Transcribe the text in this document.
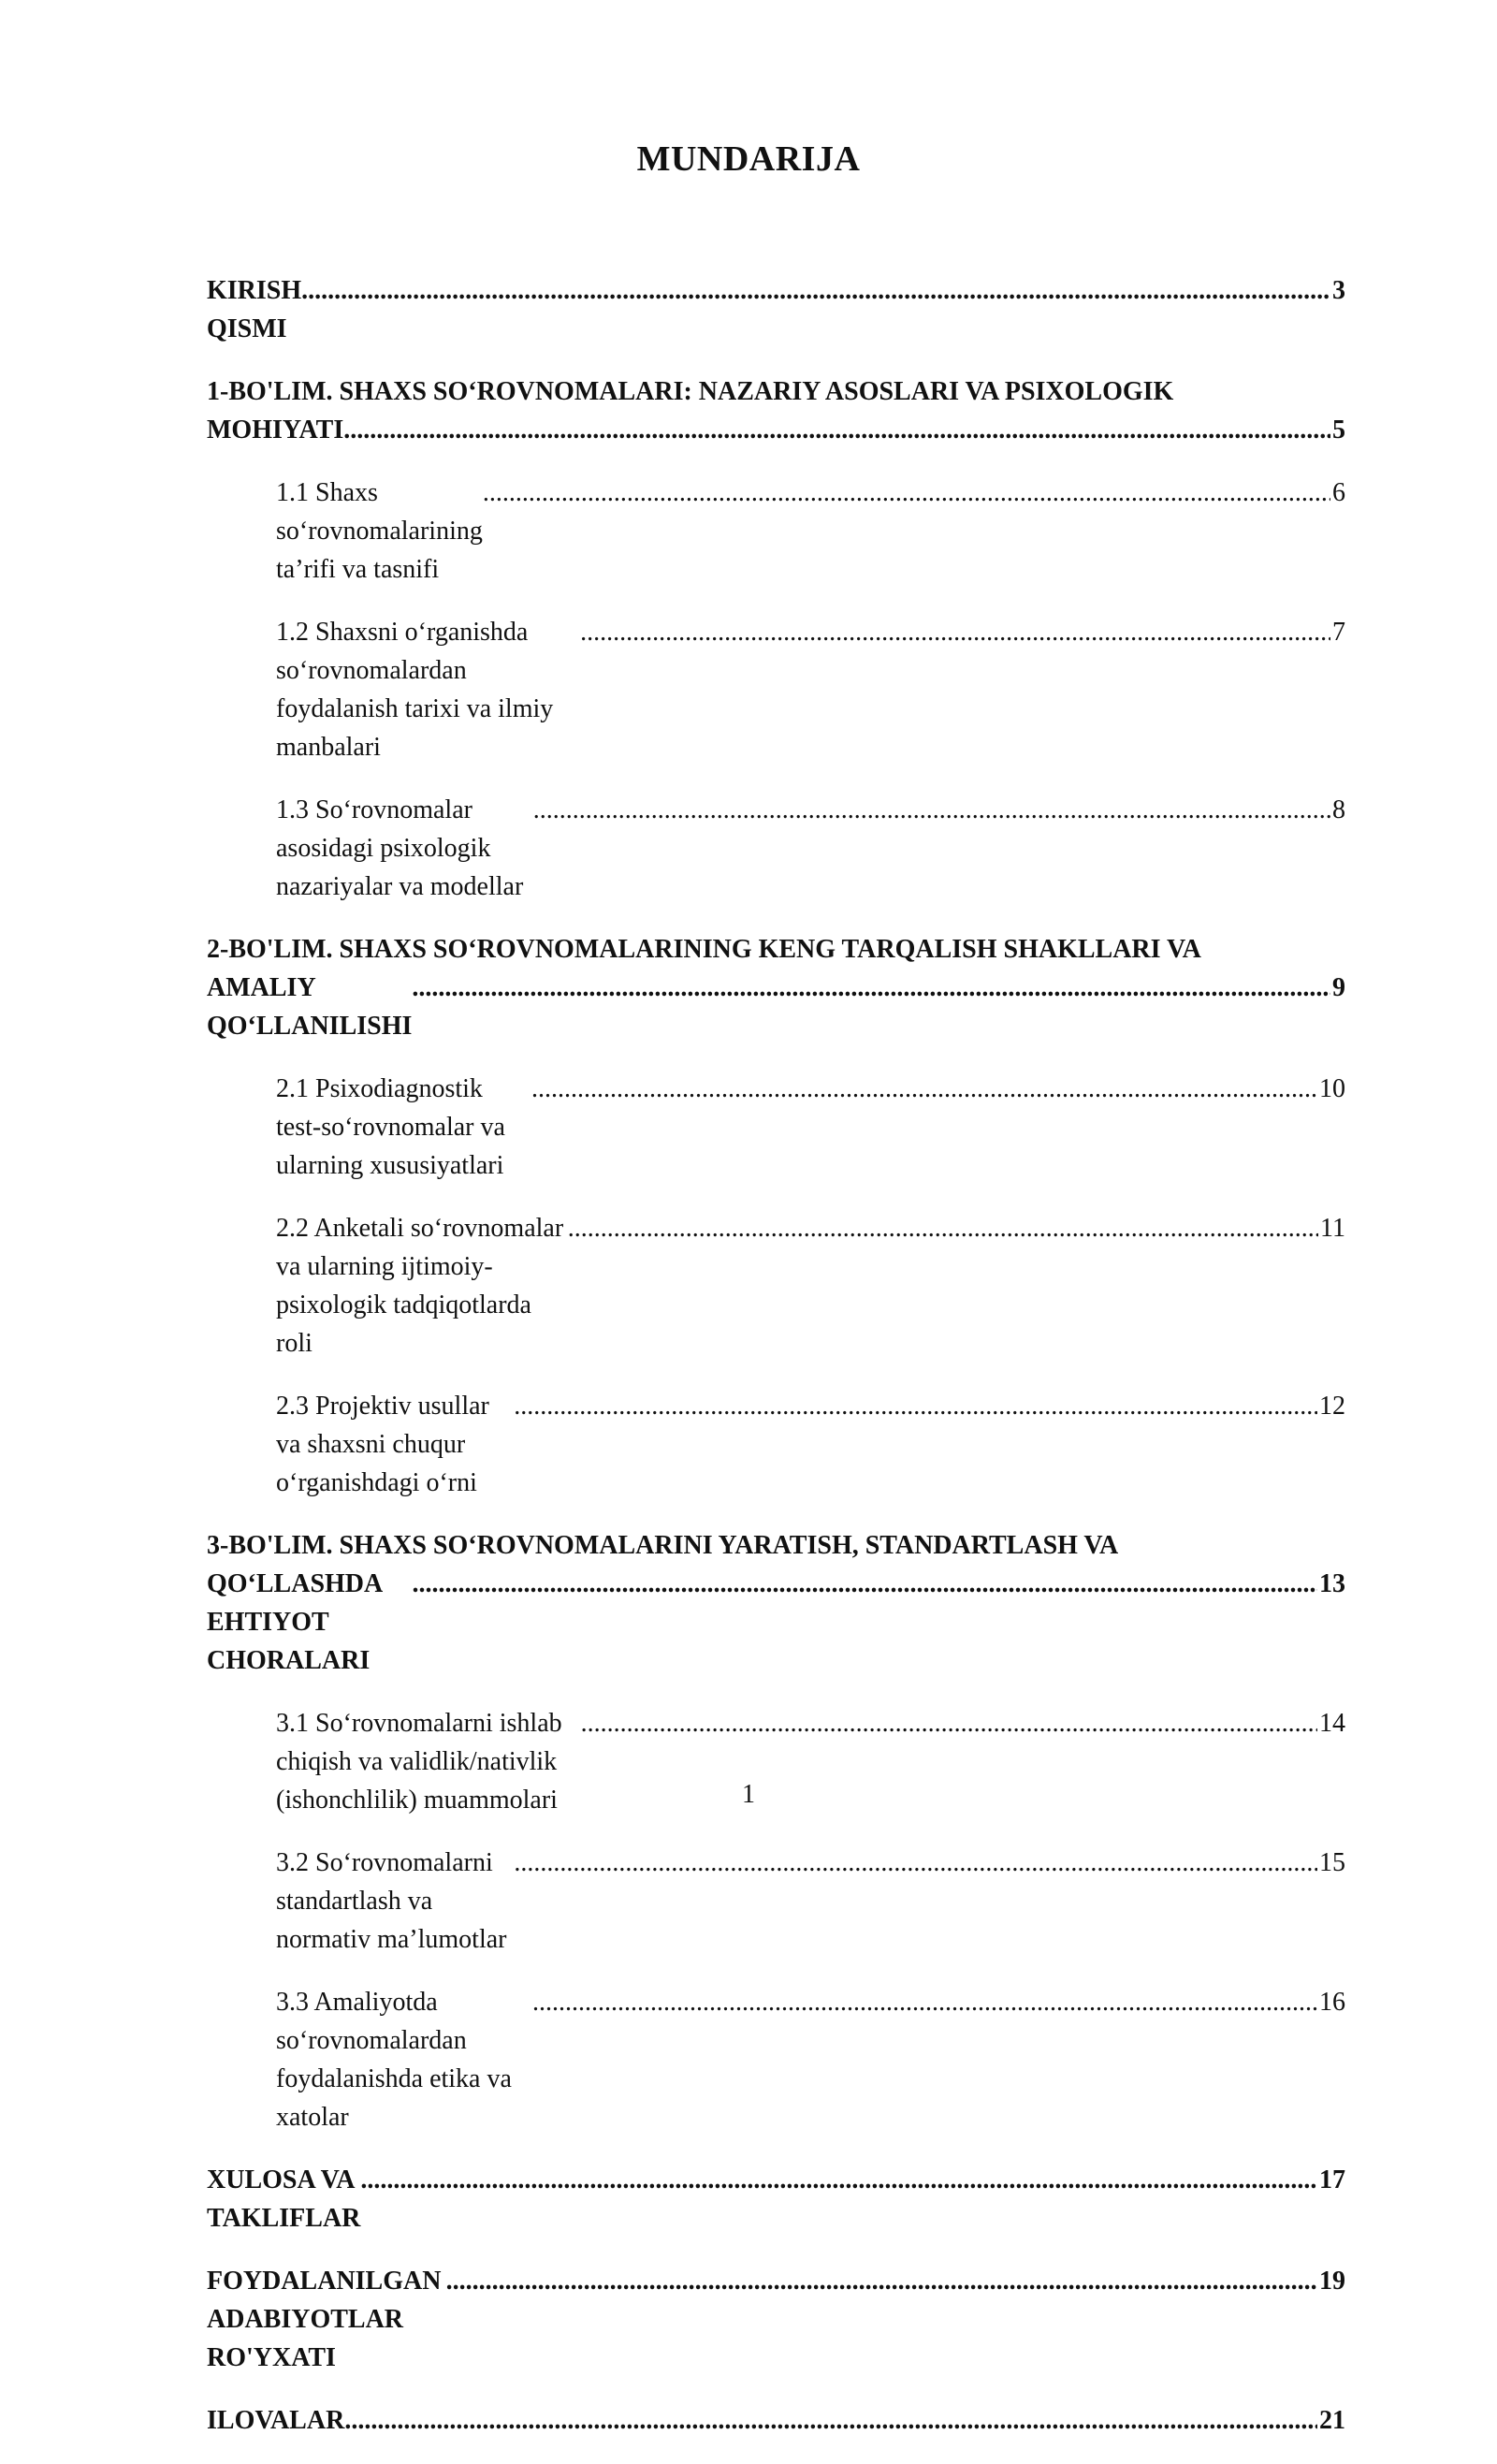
MUNDARIJA
KIRISH QISMI
.....
3
1-BO'LIM. SHAXS SO‘ROVNOMALARI: NAZARIY ASOSLARI VA PSIXOLOGIK
MOHIYATI .....	5
1.1 Shaxs so‘rovnomalarining ta’rifi va tasnifi
.....
6
1.2 Shaxsni o‘rganishda so‘rovnomalardan foydalanish tarixi va ilmiy manbalari
.....
7
1.3 So‘rovnomalar asosidagi psixologik nazariyalar va modellar
.....
8
2-BO'LIM. SHAXS SO‘ROVNOMALARINING KENG TARQALISH SHAKLLARI VA
AMALIY QO‘LLANILISHI
.....
9
2.1 Psixodiagnostik test-so‘rovnomalar va ularning xususiyatlari
.....
10
2.2 Anketali so‘rovnomalar va ularning ijtimoiy-psixologik tadqiqotlarda roli
.....
11
2.3 Projektiv usullar va shaxsni chuqur o‘rganishdagi o‘rni
.....
12
3-BO'LIM. SHAXS SO‘ROVNOMALARINI YARATISH, STANDARTLASH VA
QO‘LLASHDA EHTIYOT CHORALARI
.....
13
3.1 So‘rovnomalarni ishlab chiqish va validlik/nativlik (ishonchlilik) muammolari
.....
14
3.2 So‘rovnomalarni standartlash va normativ ma’lumotlar
.....
15
3.3 Amaliyotda so‘rovnomalardan foydalanishda etika va xatolar
.....
16
XULOSA VA TAKLIFLAR
.....
17
FOYDALANILGAN ADABIYOTLAR RO'YXATI
.....
19
ILOVALAR .....	21
1
